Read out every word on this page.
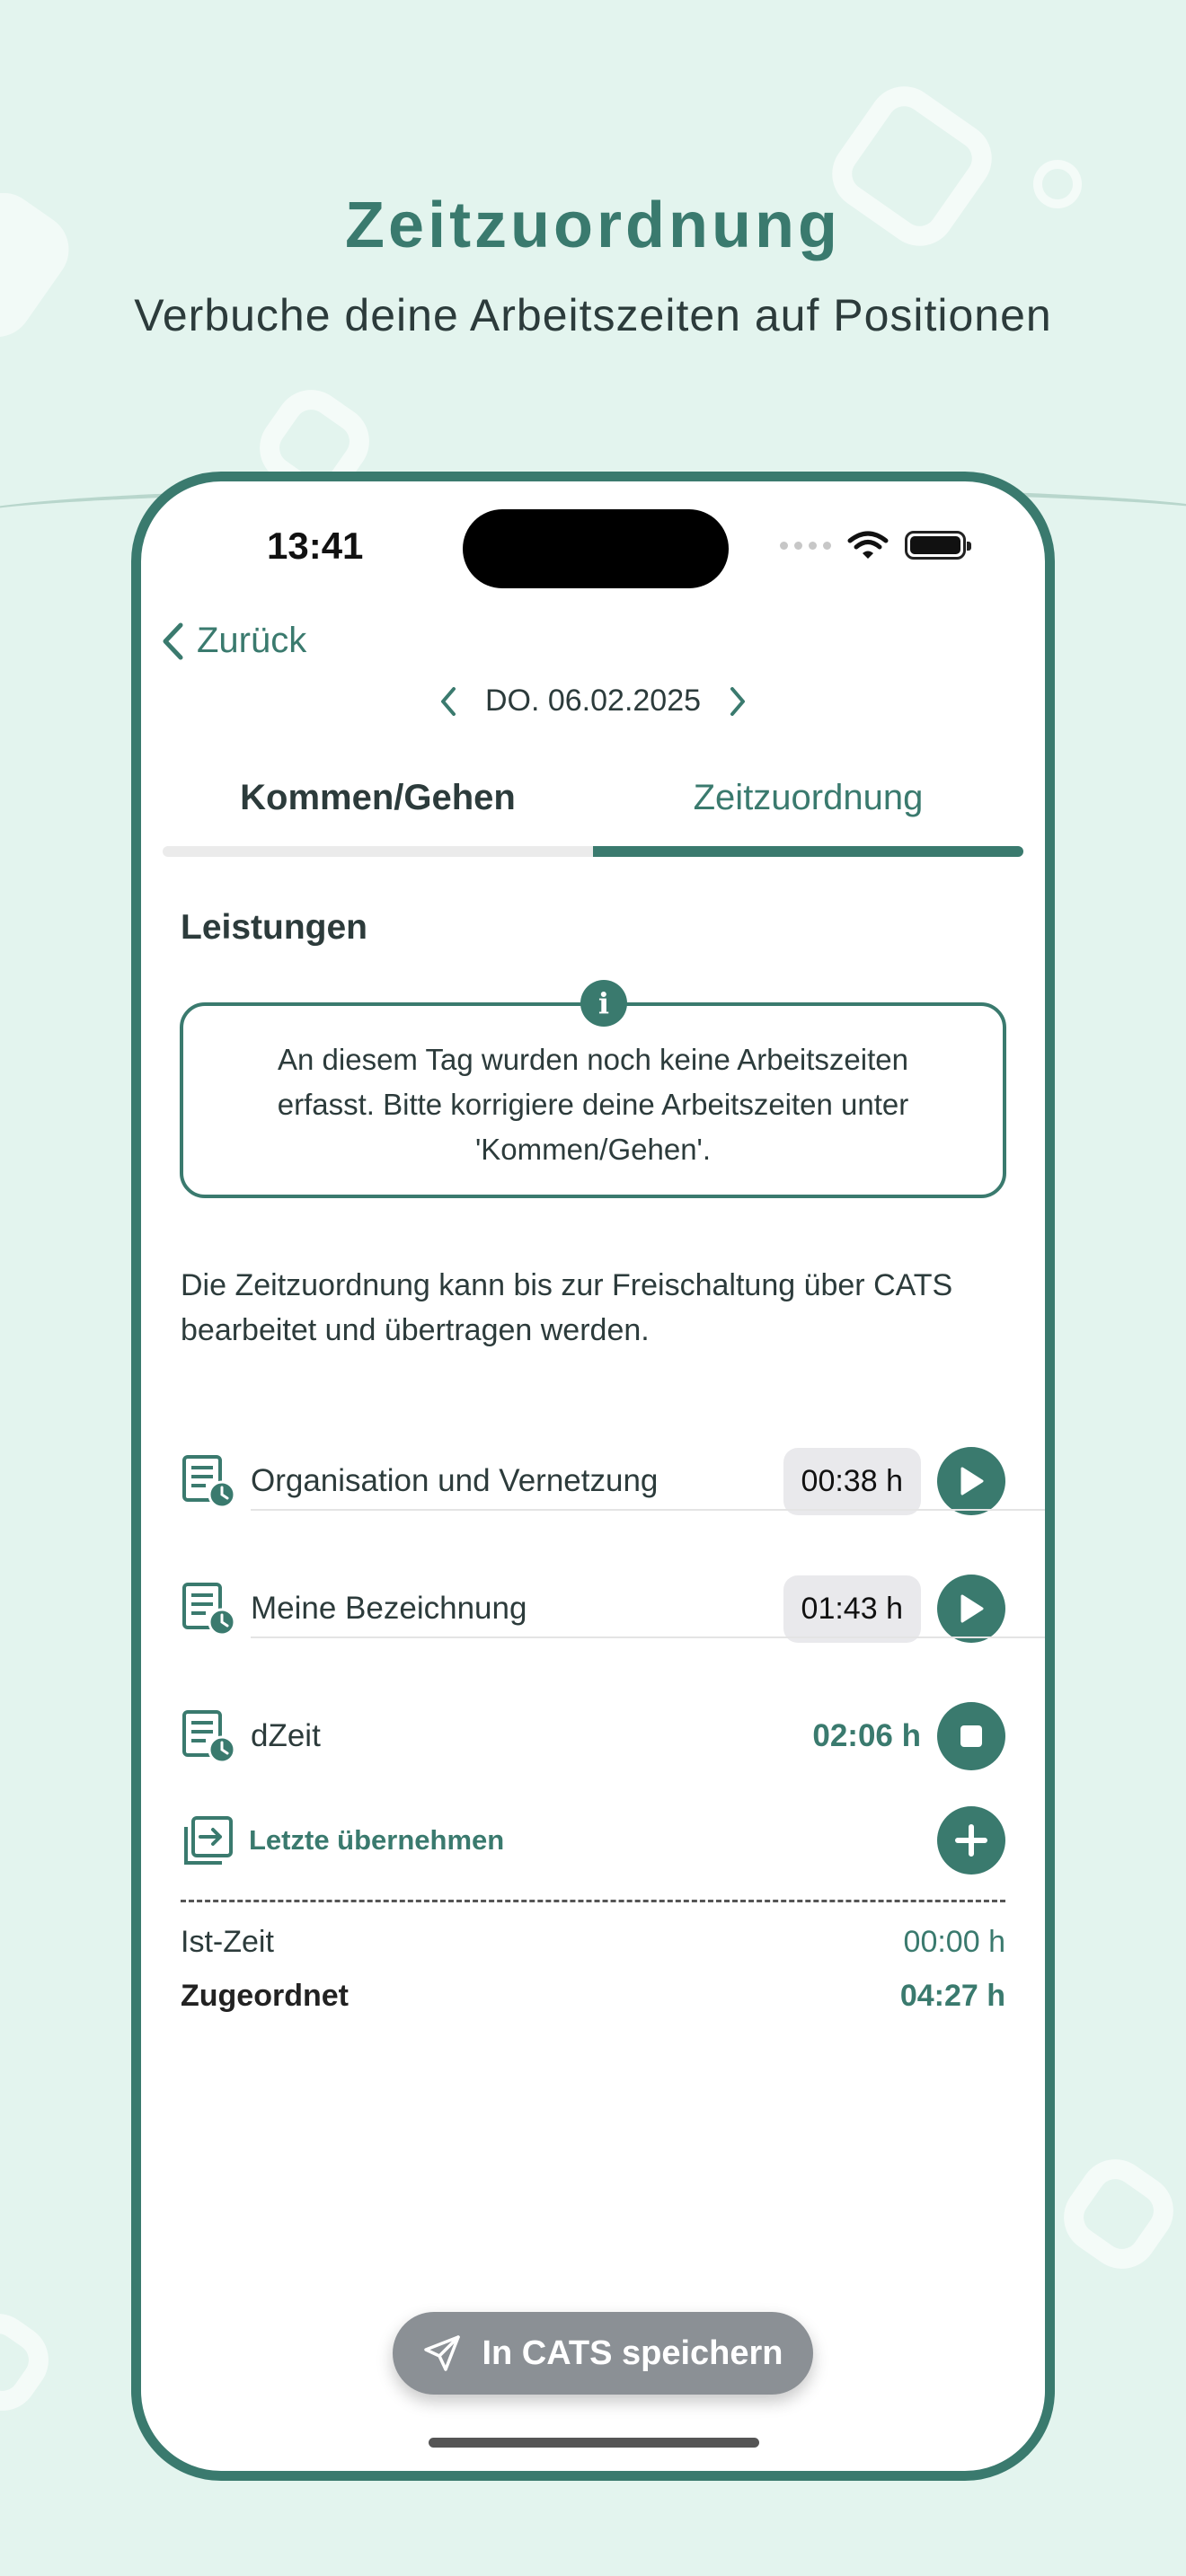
Zeitzuordnung
Verbuche deine Arbeitszeiten auf Positionen
13:41
Zurück
DO. 06.02.2025
Kommen/Gehen	Zeitzuordnung
Leistungen
An diesem Tag wurden noch keine Arbeitszeiten erfasst. Bitte korrigiere deine Arbeitszeiten unter 'Kommen/Gehen'.
i
Die Zeitzuordnung kann bis zur Freischaltung über CATS bearbeitet und übertragen werden.
Organisation und Vernetzung	00:38 h
Meine Bezeichnung	01:43 h
dZeit	02:06 h
Letzte übernehmen
Ist-Zeit	00:00 h
Zugeordnet	04:27 h
In CATS speichern
